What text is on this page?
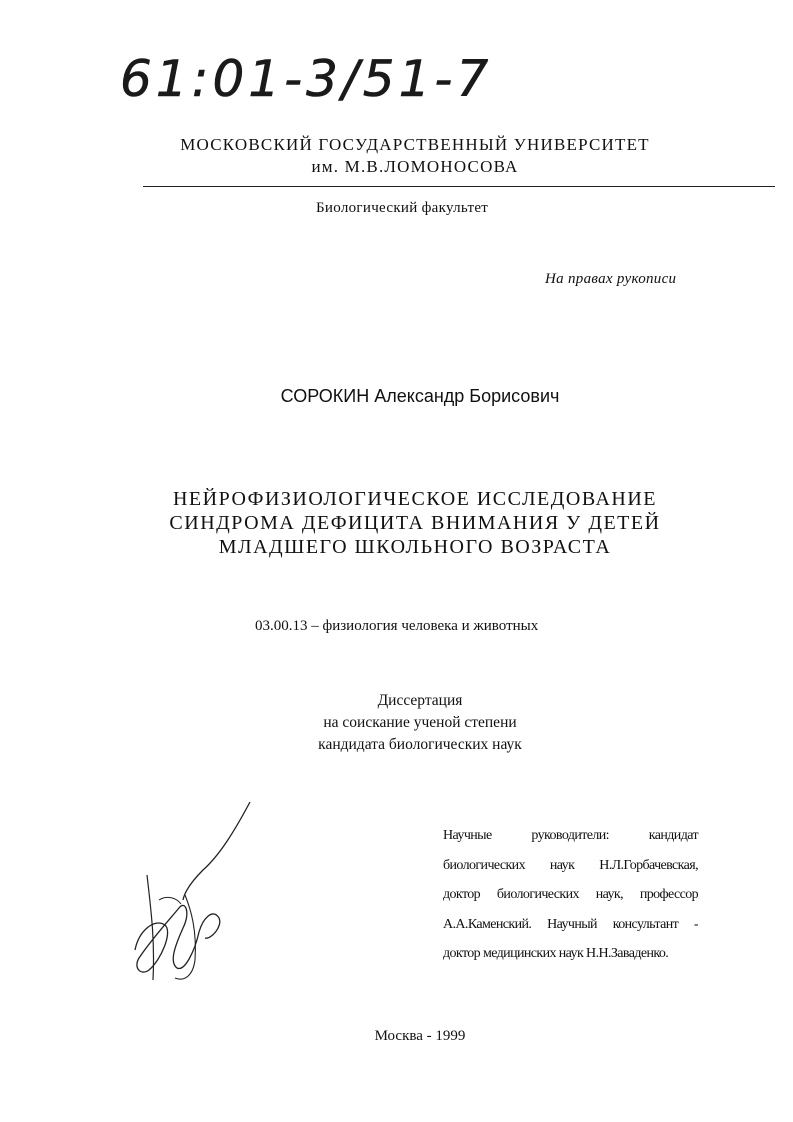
61:01-3/51-7
МОСКОВСКИЙ ГОСУДАРСТВЕННЫЙ УНИВЕРСИТЕТ
им. М.В.ЛОМОНОСОВА
Биологический факультет
На правах рукописи
СОРОКИН Александр Борисович
НЕЙРОФИЗИОЛОГИЧЕСКОЕ ИССЛЕДОВАНИЕ
СИНДРОМА ДЕФИЦИТА ВНИМАНИЯ У ДЕТЕЙ
МЛАДШЕГО ШКОЛЬНОГО ВОЗРАСТА
03.00.13 – физиология человека и животных
Диссертация
на соискание ученой степени
кандидата биологических наук
Научные	руководители:	кандидат
биологических наук Н.Л.Горбачевская,
доктор биологических наук, профессор
А.А.Каменский. Научный консультант -
доктор медицинских наук Н.Н.Заваденко.
Москва - 1999
